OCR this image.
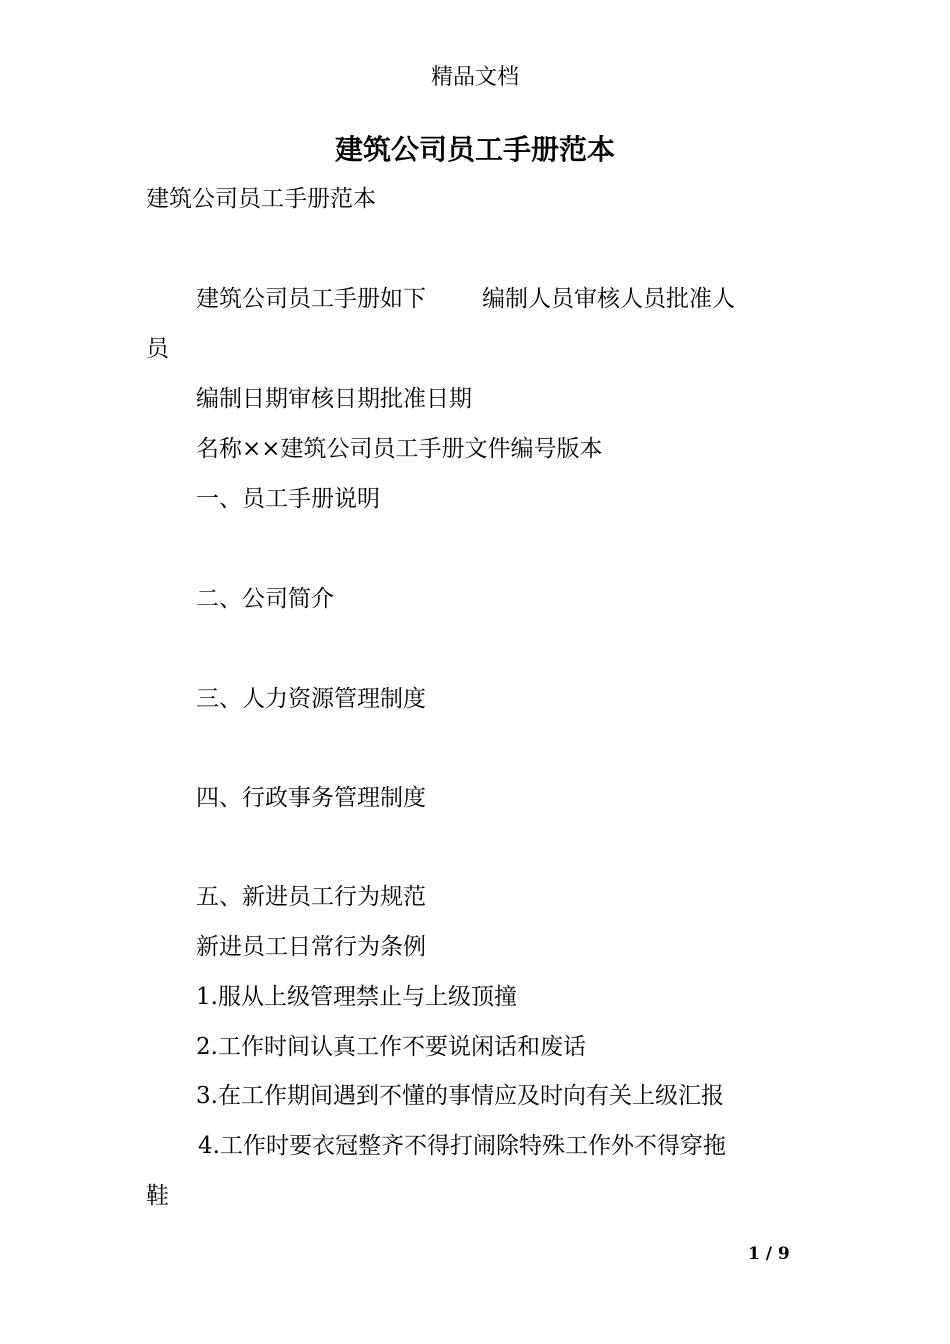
精品文档
建筑公司员工手册范本
建筑公司员工手册范本
建筑公司员工手册如下 编制人员审核人员批准人
员
编制日期审核日期批准日期
名称××建筑公司员工手册文件编号版本
一、员工手册说明
二、公司简介
三、人力资源管理制度
四、行政事务管理制度
五、新进员工行为规范
新进员工日常行为条例
1.服从上级管理禁止与上级顶撞
2.工作时间认真工作不要说闲话和废话
3.在工作期间遇到不懂的事情应及时向有关上级汇报
4.工作时要衣冠整齐不得打闹除特殊工作外不得穿拖
鞋
1 / 9
